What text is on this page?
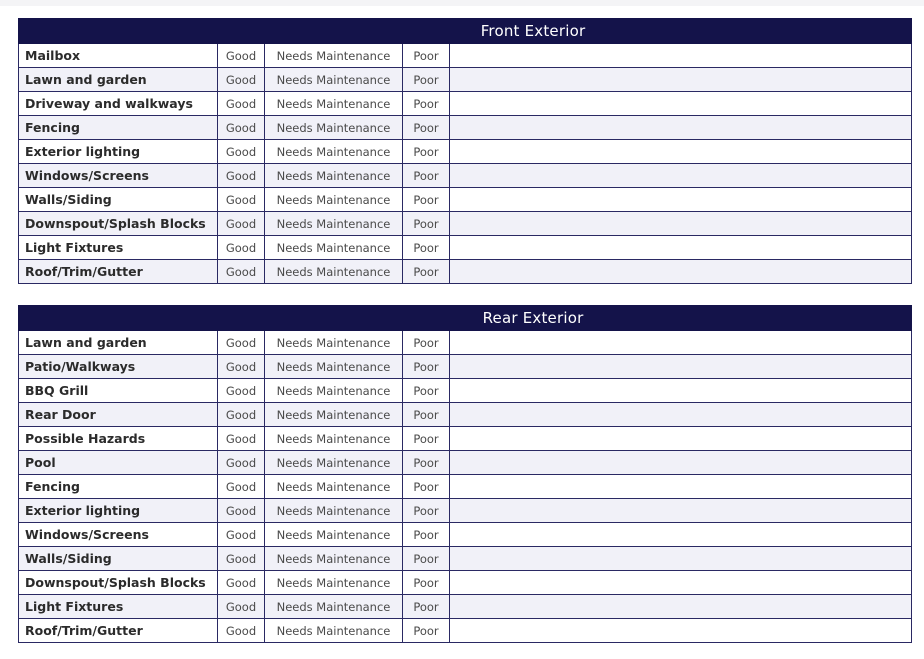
Front Exterior				
Mailbox	Good	Needs Maintenance	Poor	
Lawn and garden	Good	Needs Maintenance	Poor	
Driveway and walkways	Good	Needs Maintenance	Poor	
Fencing	Good	Needs Maintenance	Poor	
Exterior lighting	Good	Needs Maintenance	Poor	
Windows/Screens	Good	Needs Maintenance	Poor	
Walls/Siding	Good	Needs Maintenance	Poor	
Downspout/Splash Blocks	Good	Needs Maintenance	Poor	
Light Fixtures	Good	Needs Maintenance	Poor	
Roof/Trim/Gutter	Good	Needs Maintenance	Poor	
Rear Exterior				
Lawn and garden	Good	Needs Maintenance	Poor	
Patio/Walkways	Good	Needs Maintenance	Poor	
BBQ Grill	Good	Needs Maintenance	Poor	
Rear Door	Good	Needs Maintenance	Poor	
Possible Hazards	Good	Needs Maintenance	Poor	
Pool	Good	Needs Maintenance	Poor	
Fencing	Good	Needs Maintenance	Poor	
Exterior lighting	Good	Needs Maintenance	Poor	
Windows/Screens	Good	Needs Maintenance	Poor	
Walls/Siding	Good	Needs Maintenance	Poor	
Downspout/Splash Blocks	Good	Needs Maintenance	Poor	
Light Fixtures	Good	Needs Maintenance	Poor	
Roof/Trim/Gutter	Good	Needs Maintenance	Poor	
